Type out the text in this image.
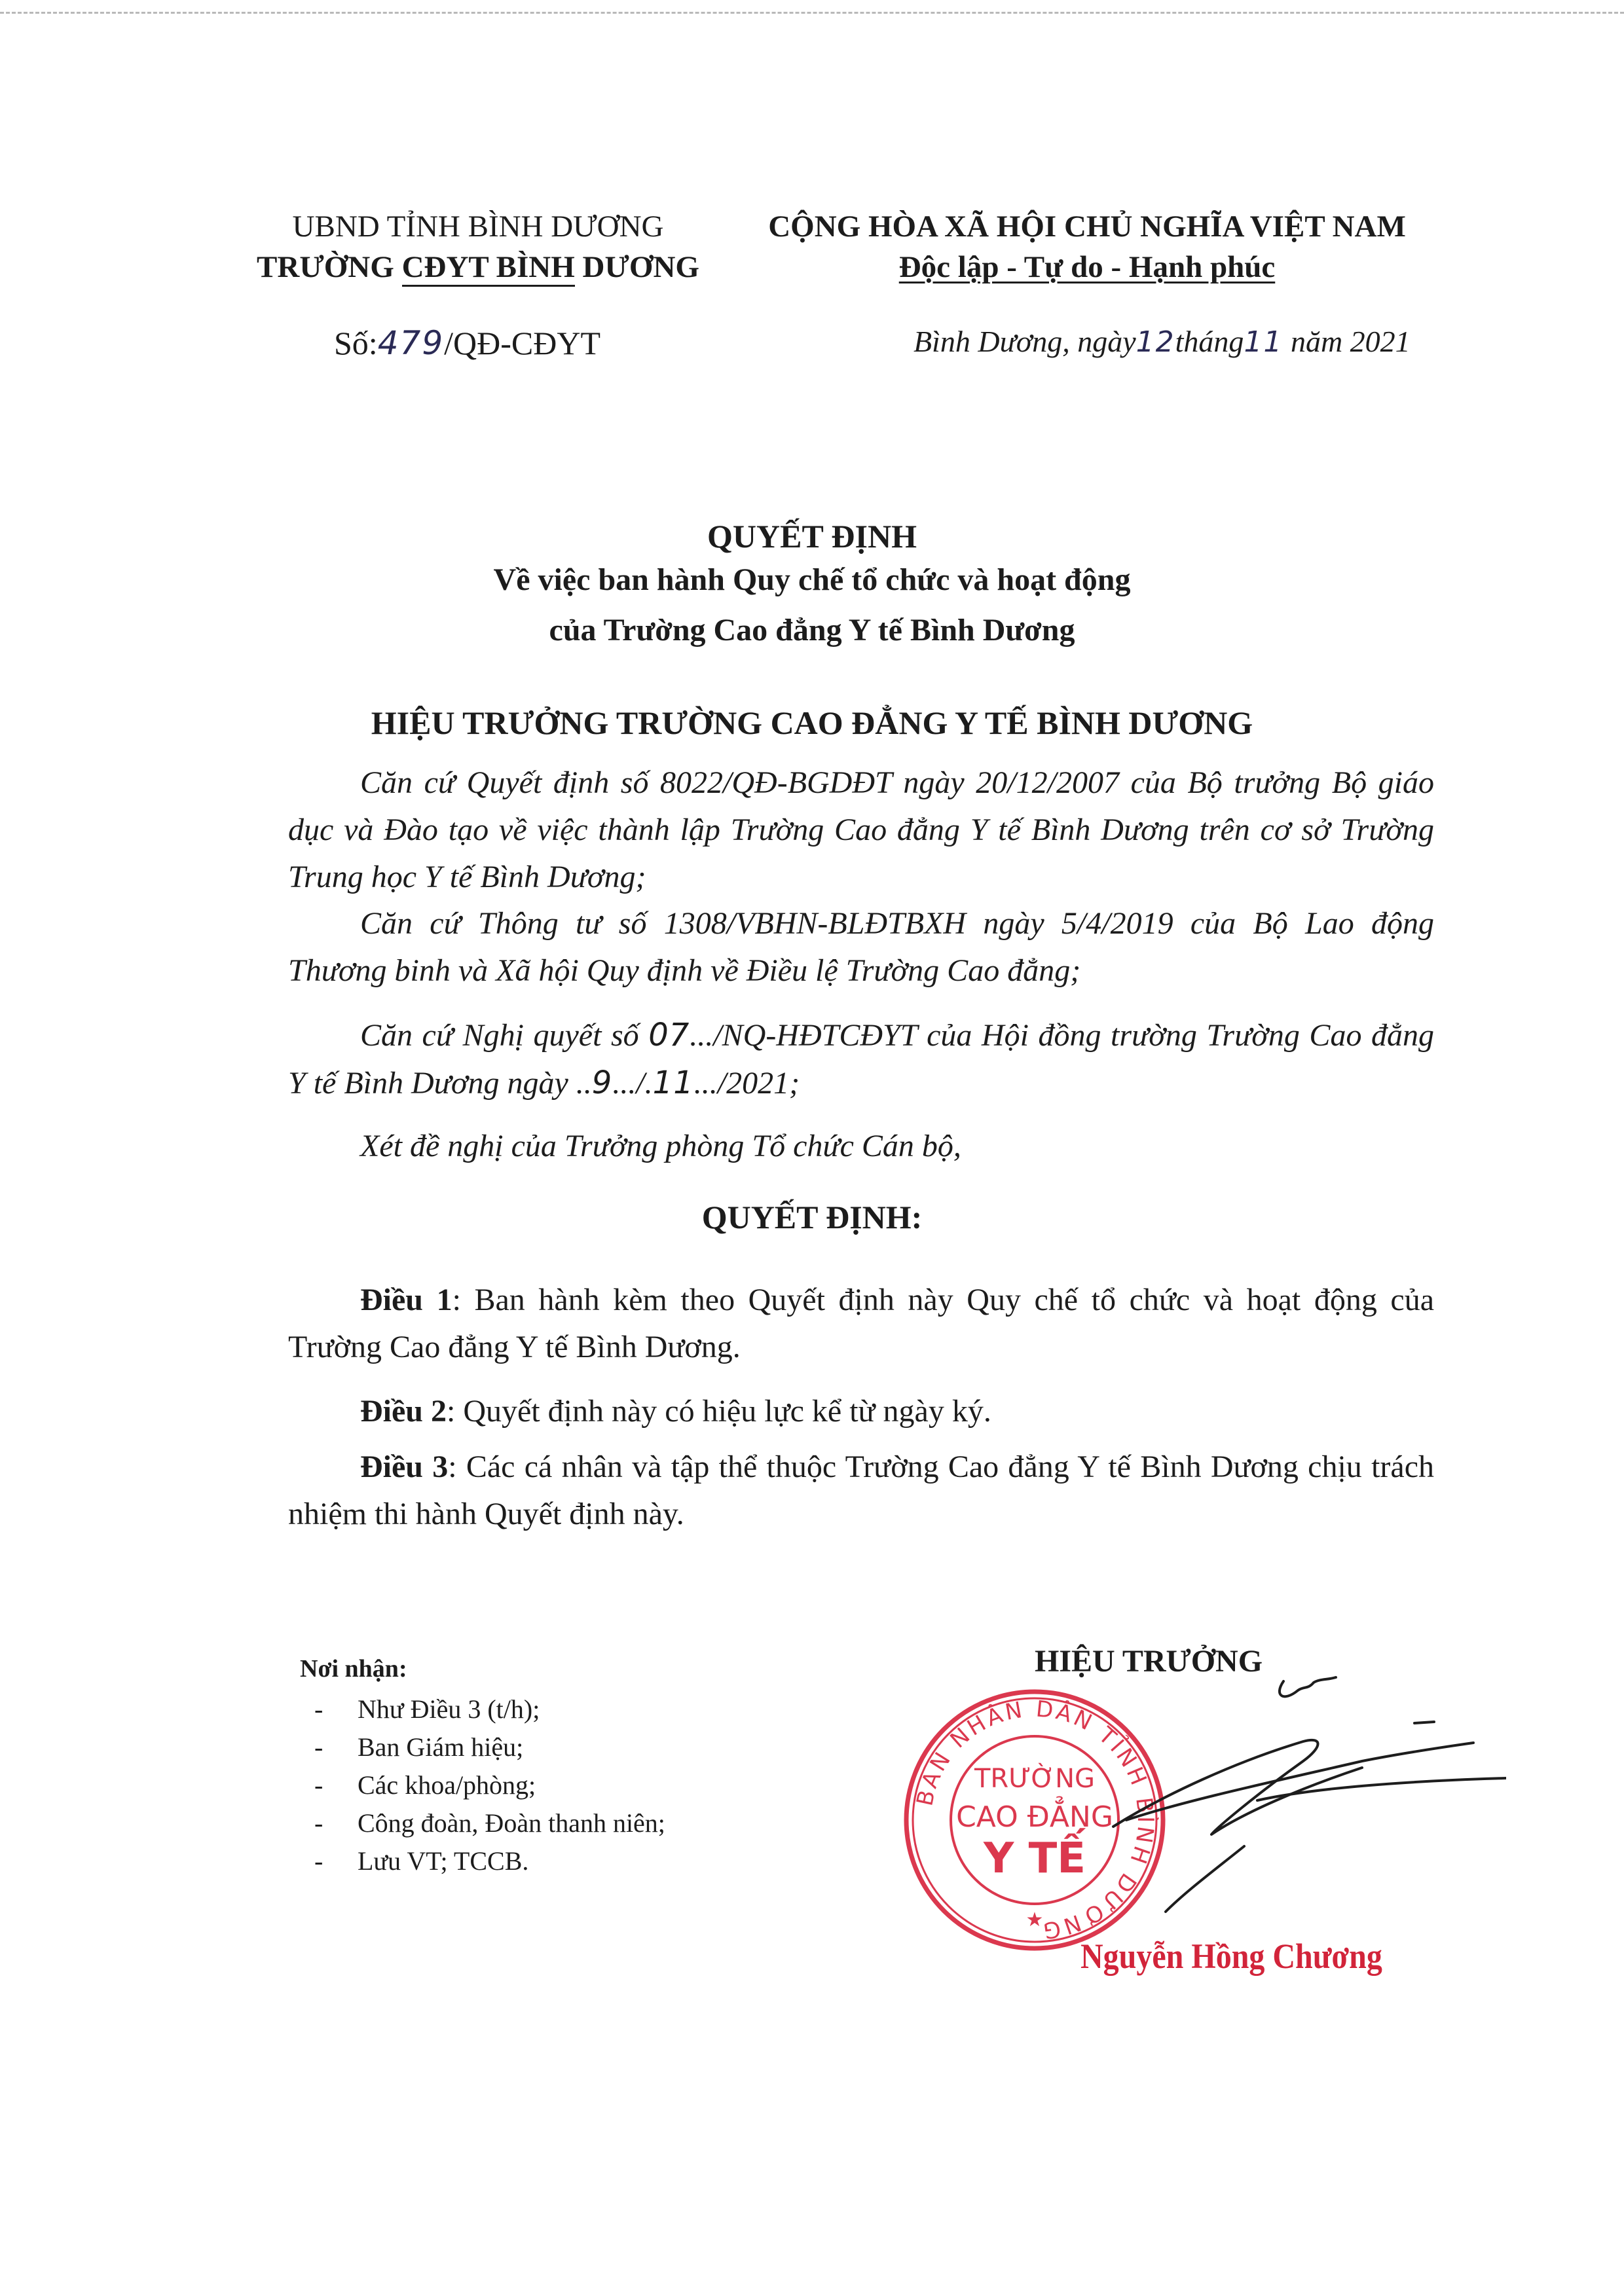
UBND TỈNH BÌNH DƯƠNG
TRƯỜNG CĐYT BÌNH DƯƠNG
CỘNG HÒA XÃ HỘI CHỦ NGHĨA VIỆT NAM
Độc lập - Tự do - Hạnh phúc
Số:479/QĐ-CĐYT	Bình Dương, ngày12tháng11 năm 2021
QUYẾT ĐỊNH
Về việc ban hành Quy chế tổ chức và hoạt động
của Trường Cao đẳng Y tế Bình Dương
HIỆU TRƯỞNG TRƯỜNG CAO ĐẲNG Y TẾ BÌNH DƯƠNG

Căn cứ Quyết định số 8022/QĐ-BGDĐT ngày 20/12/2007 của Bộ trưởng Bộ giáo dục và Đào tạo về việc thành lập Trường Cao đẳng Y tế Bình Dương trên cơ sở Trường Trung học Y tế Bình Dương;

Căn cứ Thông tư số 1308/VBHN-BLĐTBXH ngày 5/4/2019 của Bộ Lao động Thương binh và Xã hội Quy định về Điều lệ Trường Cao đẳng;

Căn cứ Nghị quyết số 07.../NQ-HĐTCĐYT của Hội đồng trường Trường Cao đẳng Y tế Bình Dương ngày ..9.../.11.../2021;

Xét đề nghị của Trưởng phòng Tổ chức Cán bộ,

QUYẾT ĐỊNH:

Điều 1: Ban hành kèm theo Quyết định này Quy chế tổ chức và hoạt động của Trường Cao đẳng Y tế Bình Dương.

Điều 2: Quyết định này có hiệu lực kể từ ngày ký.

Điều 3: Các cá nhân và tập thể thuộc Trường Cao đẳng Y tế Bình Dương chịu trách nhiệm thi hành Quyết định này.

Nơi nhận:
- Như Điều 3 (t/h);
- Ban Giám hiệu;
- Các khoa/phòng;
- Công đoàn, Đoàn thanh niên;
- Lưu VT; TCCB.
HIỆU TRƯỞNG
BAN NHÂN DÂN TỈNH BÌNH DƯƠNG
TRƯỜNG
CAO ĐẲNG
Y TẾ
★
Nguyễn Hồng Chương
